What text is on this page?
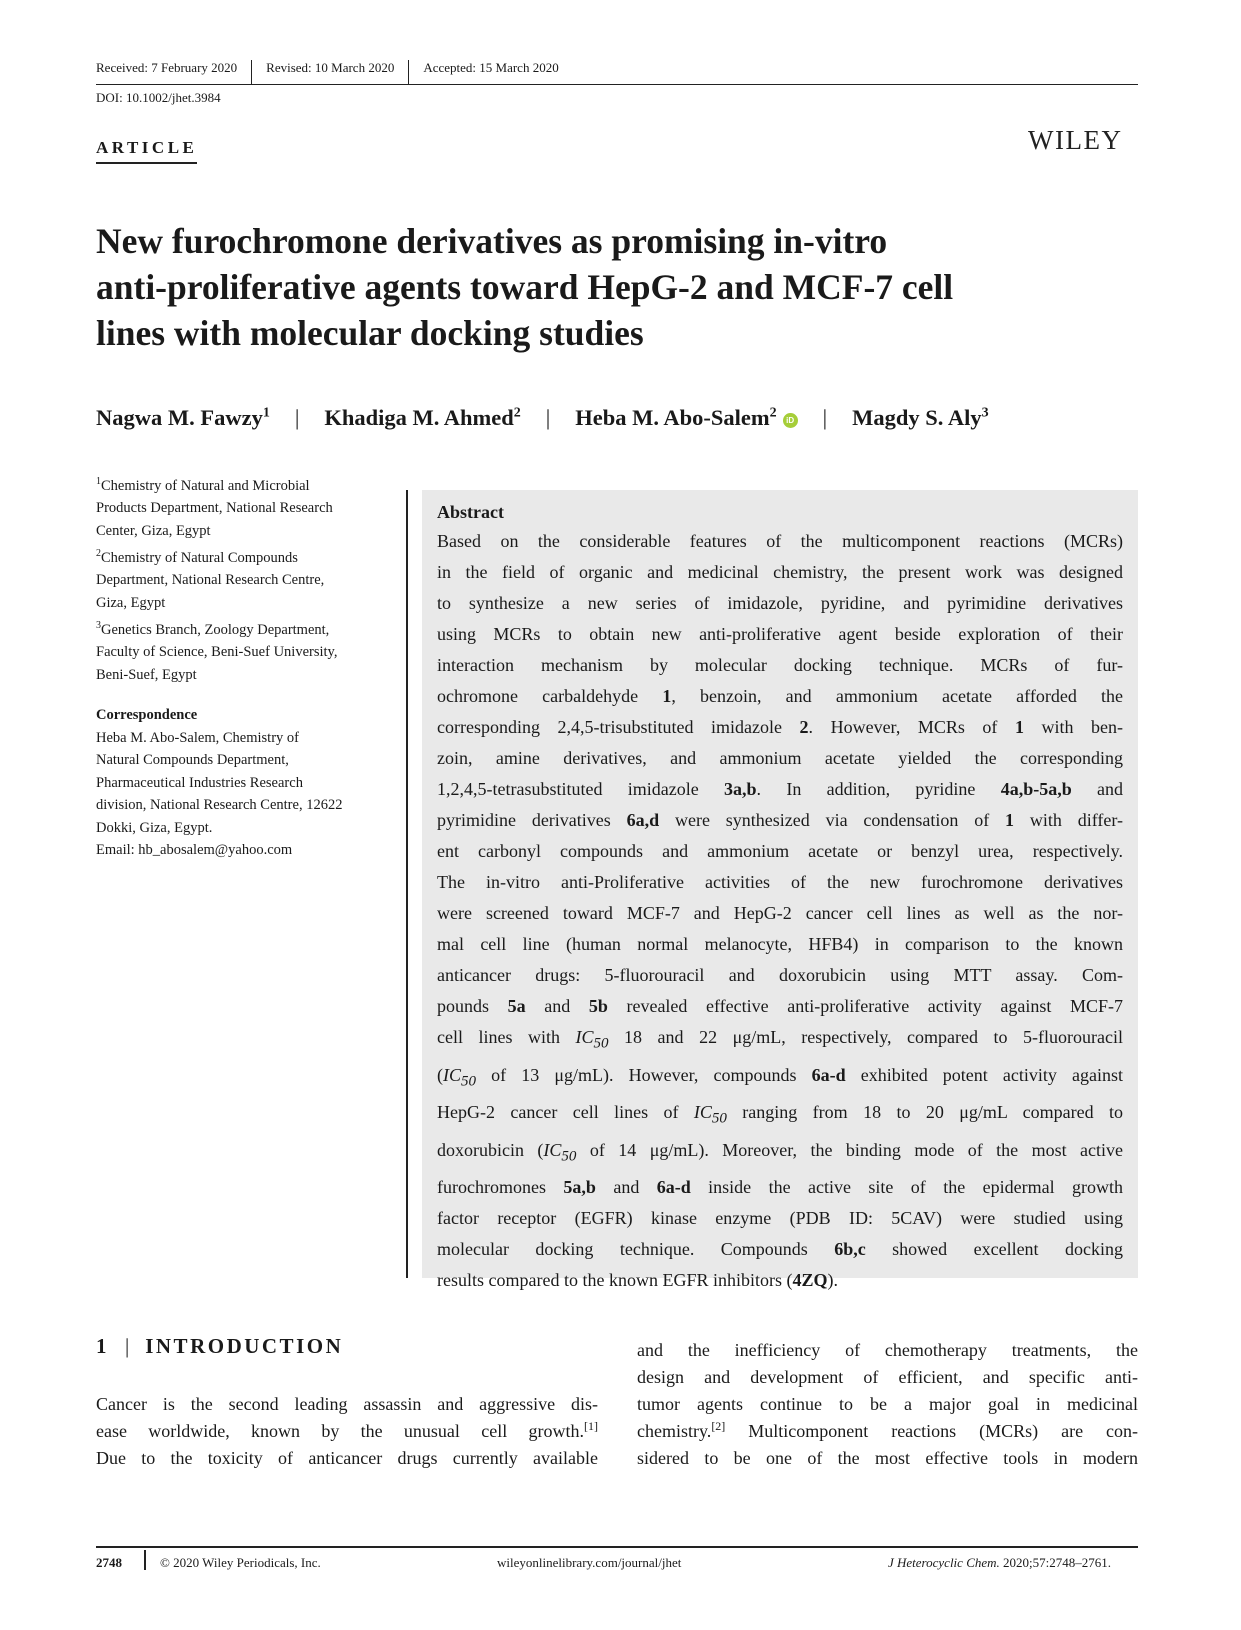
Received: 7 February 2020	Revised: 10 March 2020	Accepted: 15 March 2020
DOI: 10.1002/jhet.3984
ARTICLE	WILEY
New furochromone derivatives as promising in-vitro
anti-proliferative agents toward HepG-2 and MCF-7 cell
lines with molecular docking studies
Nagwa M. Fawzy$^1$ | Khadiga M. Ahmed$^2$ | Heba M. Abo-Salem$^2$ iD | Magdy S. Aly$^3$
$^1$Chemistry of Natural and Microbial
Products Department, National Research
Center, Giza, Egypt
$^2$Chemistry of Natural Compounds
Department, National Research Centre,
Giza, Egypt
$^3$Genetics Branch, Zoology Department,
Faculty of Science, Beni-Suef University,
Beni-Suef, Egypt
Correspondence
Heba M. Abo-Salem, Chemistry of
Natural Compounds Department,
Pharmaceutical Industries Research
division, National Research Centre, 12622
Dokki, Giza, Egypt.
Email: hb_abosalem@yahoo.com
Abstract
Based on the considerable features of the multicomponent reactions (MCRs)
in the field of organic and medicinal chemistry, the present work was designed
to synthesize a new series of imidazole, pyridine, and pyrimidine derivatives
using MCRs to obtain new anti-proliferative agent beside exploration of their
interaction mechanism by molecular docking technique. MCRs of fur-
ochromone carbaldehyde 1, benzoin, and ammonium acetate afforded the
corresponding 2,4,5-trisubstituted imidazole 2. However, MCRs of 1 with ben-
zoin, amine derivatives, and ammonium acetate yielded the corresponding
1,2,4,5-tetrasubstituted imidazole 3a,b. In addition, pyridine 4a,b-5a,b and
pyrimidine derivatives 6a,d were synthesized via condensation of 1 with differ-
ent carbonyl compounds and ammonium acetate or benzyl urea, respectively.
The in-vitro anti-Proliferative activities of the new furochromone derivatives
were screened toward MCF-7 and HepG-2 cancer cell lines as well as the nor-
mal cell line (human normal melanocyte, HFB4) in comparison to the known
anticancer drugs: 5-fluorouracil and doxorubicin using MTT assay. Com-
pounds 5a and 5b revealed effective anti-proliferative activity against MCF-7
cell lines with $IC_{50}$ 18 and 22 μg/mL, respectively, compared to 5-fluorouracil
($IC_{50}$ of 13 μg/mL). However, compounds 6a-d exhibited potent activity against
HepG-2 cancer cell lines of $IC_{50}$ ranging from 18 to 20 μg/mL compared to
doxorubicin ($IC_{50}$ of 14 μg/mL). Moreover, the binding mode of the most active
furochromones 5a,b and 6a-d inside the active site of the epidermal growth
factor receptor (EGFR) kinase enzyme (PDB ID: 5CAV) were studied using
molecular docking technique. Compounds 6b,c showed excellent docking
results compared to the known EGFR inhibitors (4ZQ).
1 | INTRODUCTION
Cancer is the second leading assassin and aggressive dis-
ease worldwide, known by the unusual cell growth.[1]
Due to the toxicity of anticancer drugs currently available
and the inefficiency of chemotherapy treatments, the
design and development of efficient, and specific anti-
tumor agents continue to be a major goal in medicinal
chemistry.[2] Multicomponent reactions (MCRs) are con-
sidered to be one of the most effective tools in modern
2748	© 2020 Wiley Periodicals, Inc.	wileyonlinelibrary.com/journal/jhet	J Heterocyclic Chem. 2020;57:2748–2761.
